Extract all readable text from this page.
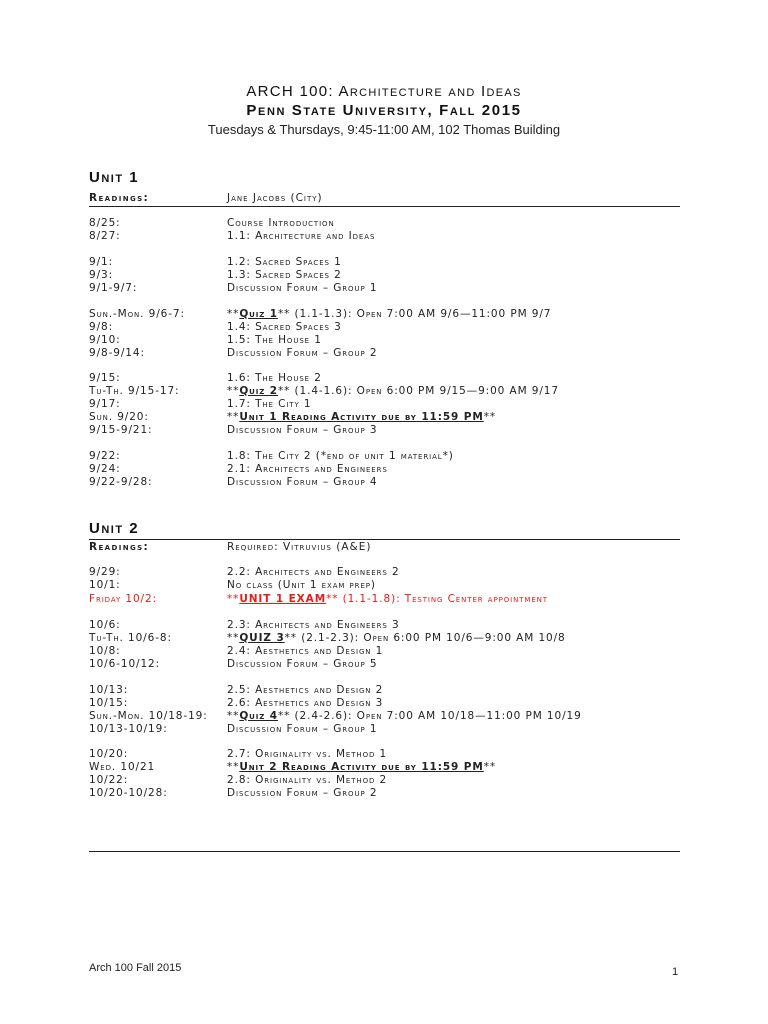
ARCH 100: Architecture and Ideas
Penn State University, Fall 2015
Tuesdays & Thursdays, 9:45-11:00 AM, 102 Thomas Building
Unit 1
Readings:	Jane Jacobs (City)
8/25:	Course Introduction
8/27:	1.1: Architecture and Ideas
9/1:	1.2: Sacred Spaces 1
9/3:	1.3: Sacred Spaces 2
9/1-9/7:	Discussion Forum – Group 1
Sun.-Mon. 9/6-7:	**Quiz 1** (1.1-1.3): Open 7:00 AM 9/6—11:00 PM 9/7
9/8:	1.4: Sacred Spaces 3
9/10:	1.5: The House 1
9/8-9/14:	Discussion Forum – Group 2
9/15:	1.6: The House 2
Tu-Th. 9/15-17:	**Quiz 2** (1.4-1.6): Open 6:00 PM 9/15—9:00 AM 9/17
9/17:	1.7: The City 1
Sun. 9/20:	**Unit 1 Reading Activity due by 11:59 PM**
9/15-9/21:	Discussion Forum – Group 3
9/22:	1.8: The City 2 (*end of unit 1 material*)
9/24:	2.1: Architects and Engineers
9/22-9/28:	Discussion Forum – Group 4
Unit 2
Readings:	Required: Vitruvius (A&E)
9/29:	2.2: Architects and Engineers 2
10/1:	No class (Unit 1 exam prep)
Friday 10/2:	**UNIT 1 EXAM** (1.1-1.8): Testing Center appointment
10/6:	2.3: Architects and Engineers 3
Tu-Th. 10/6-8:	**QUIZ 3** (2.1-2.3): Open 6:00 PM 10/6—9:00 AM 10/8
10/8:	2.4: Aesthetics and Design 1
10/6-10/12:	Discussion Forum – Group 5
10/13:	2.5: Aesthetics and Design 2
10/15:	2.6: Aesthetics and Design 3
Sun.-Mon. 10/18-19: **Quiz 4** (2.4-2.6): Open 7:00 AM 10/18—11:00 PM 10/19
10/13-10/19:	Discussion Forum – Group 1
10/20:	2.7: Originality vs. Method 1
Wed. 10/21	**Unit 2 Reading Activity due by 11:59 PM**
10/22:	2.8: Originality vs. Method 2
10/20-10/28:	Discussion Forum – Group 2
Arch 100 Fall 2015	1
